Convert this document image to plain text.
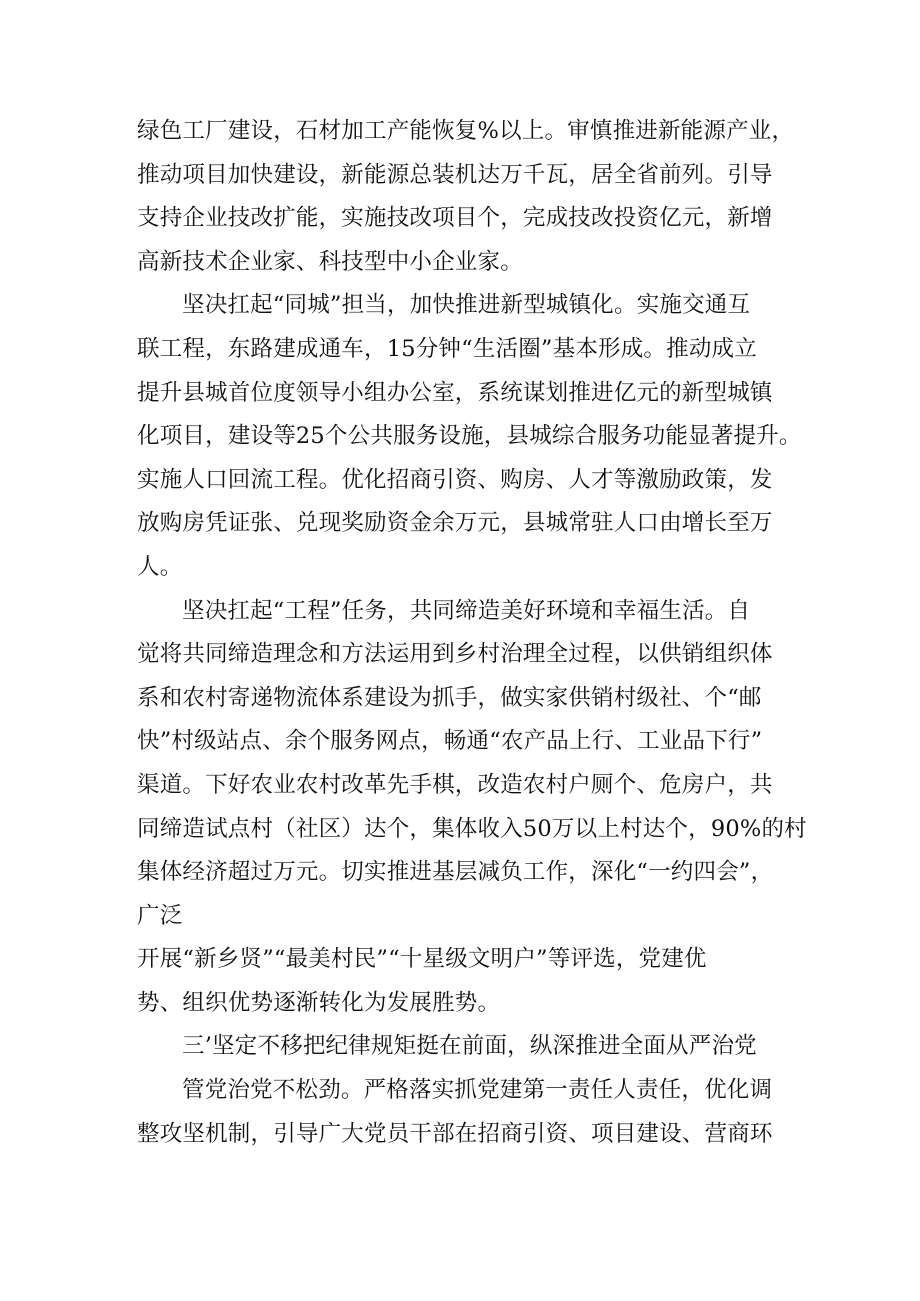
绿色工厂建设，石材加工产能恢复%以上。审慎推进新能源产业，

推动项目加快建设，新能源总装机达万千瓦，居全省前列。引导

支持企业技改扩能，实施技改项目个，完成技改投资亿元，新增

高新技术企业家、科技型中小企业家。

坚决扛起“同城”担当，加快推进新型城镇化。实施交通互

联工程，东路建成通车，15分钟“生活圈”基本形成。推动成立

提升县城首位度领导小组办公室，系统谋划推进亿元的新型城镇

化项目，建设等25个公共服务设施，县城综合服务功能显著提升。

实施人口回流工程。优化招商引资、购房、人才等激励政策，发

放购房凭证张、兑现奖励资金余万元，县城常驻人口由增长至万

人。

坚决扛起“工程”任务，共同缔造美好环境和幸福生活。自

觉将共同缔造理念和方法运用到乡村治理全过程，以供销组织体

系和农村寄递物流体系建设为抓手，做实家供销村级社、个“邮

快”村级站点、余个服务网点，畅通“农产品上行、工业品下行”

渠道。下好农业农村改革先手棋，改造农村户厕个、危房户，共

同缔造试点村（社区）达个，集体收入50万以上村达个，90%的村

集体经济超过万元。切实推进基层减负工作，深化“一约四会”，

广泛

开展“新乡贤”“最美村民”“十星级文明户”等评选，党建优

势、组织优势逐渐转化为发展胜势。

三’坚定不移把纪律规矩挺在前面，纵深推进全面从严治党

管党治党不松劲。严格落实抓党建第一责任人责任，优化调

整攻坚机制，引导广大党员干部在招商引资、项目建设、营商环
